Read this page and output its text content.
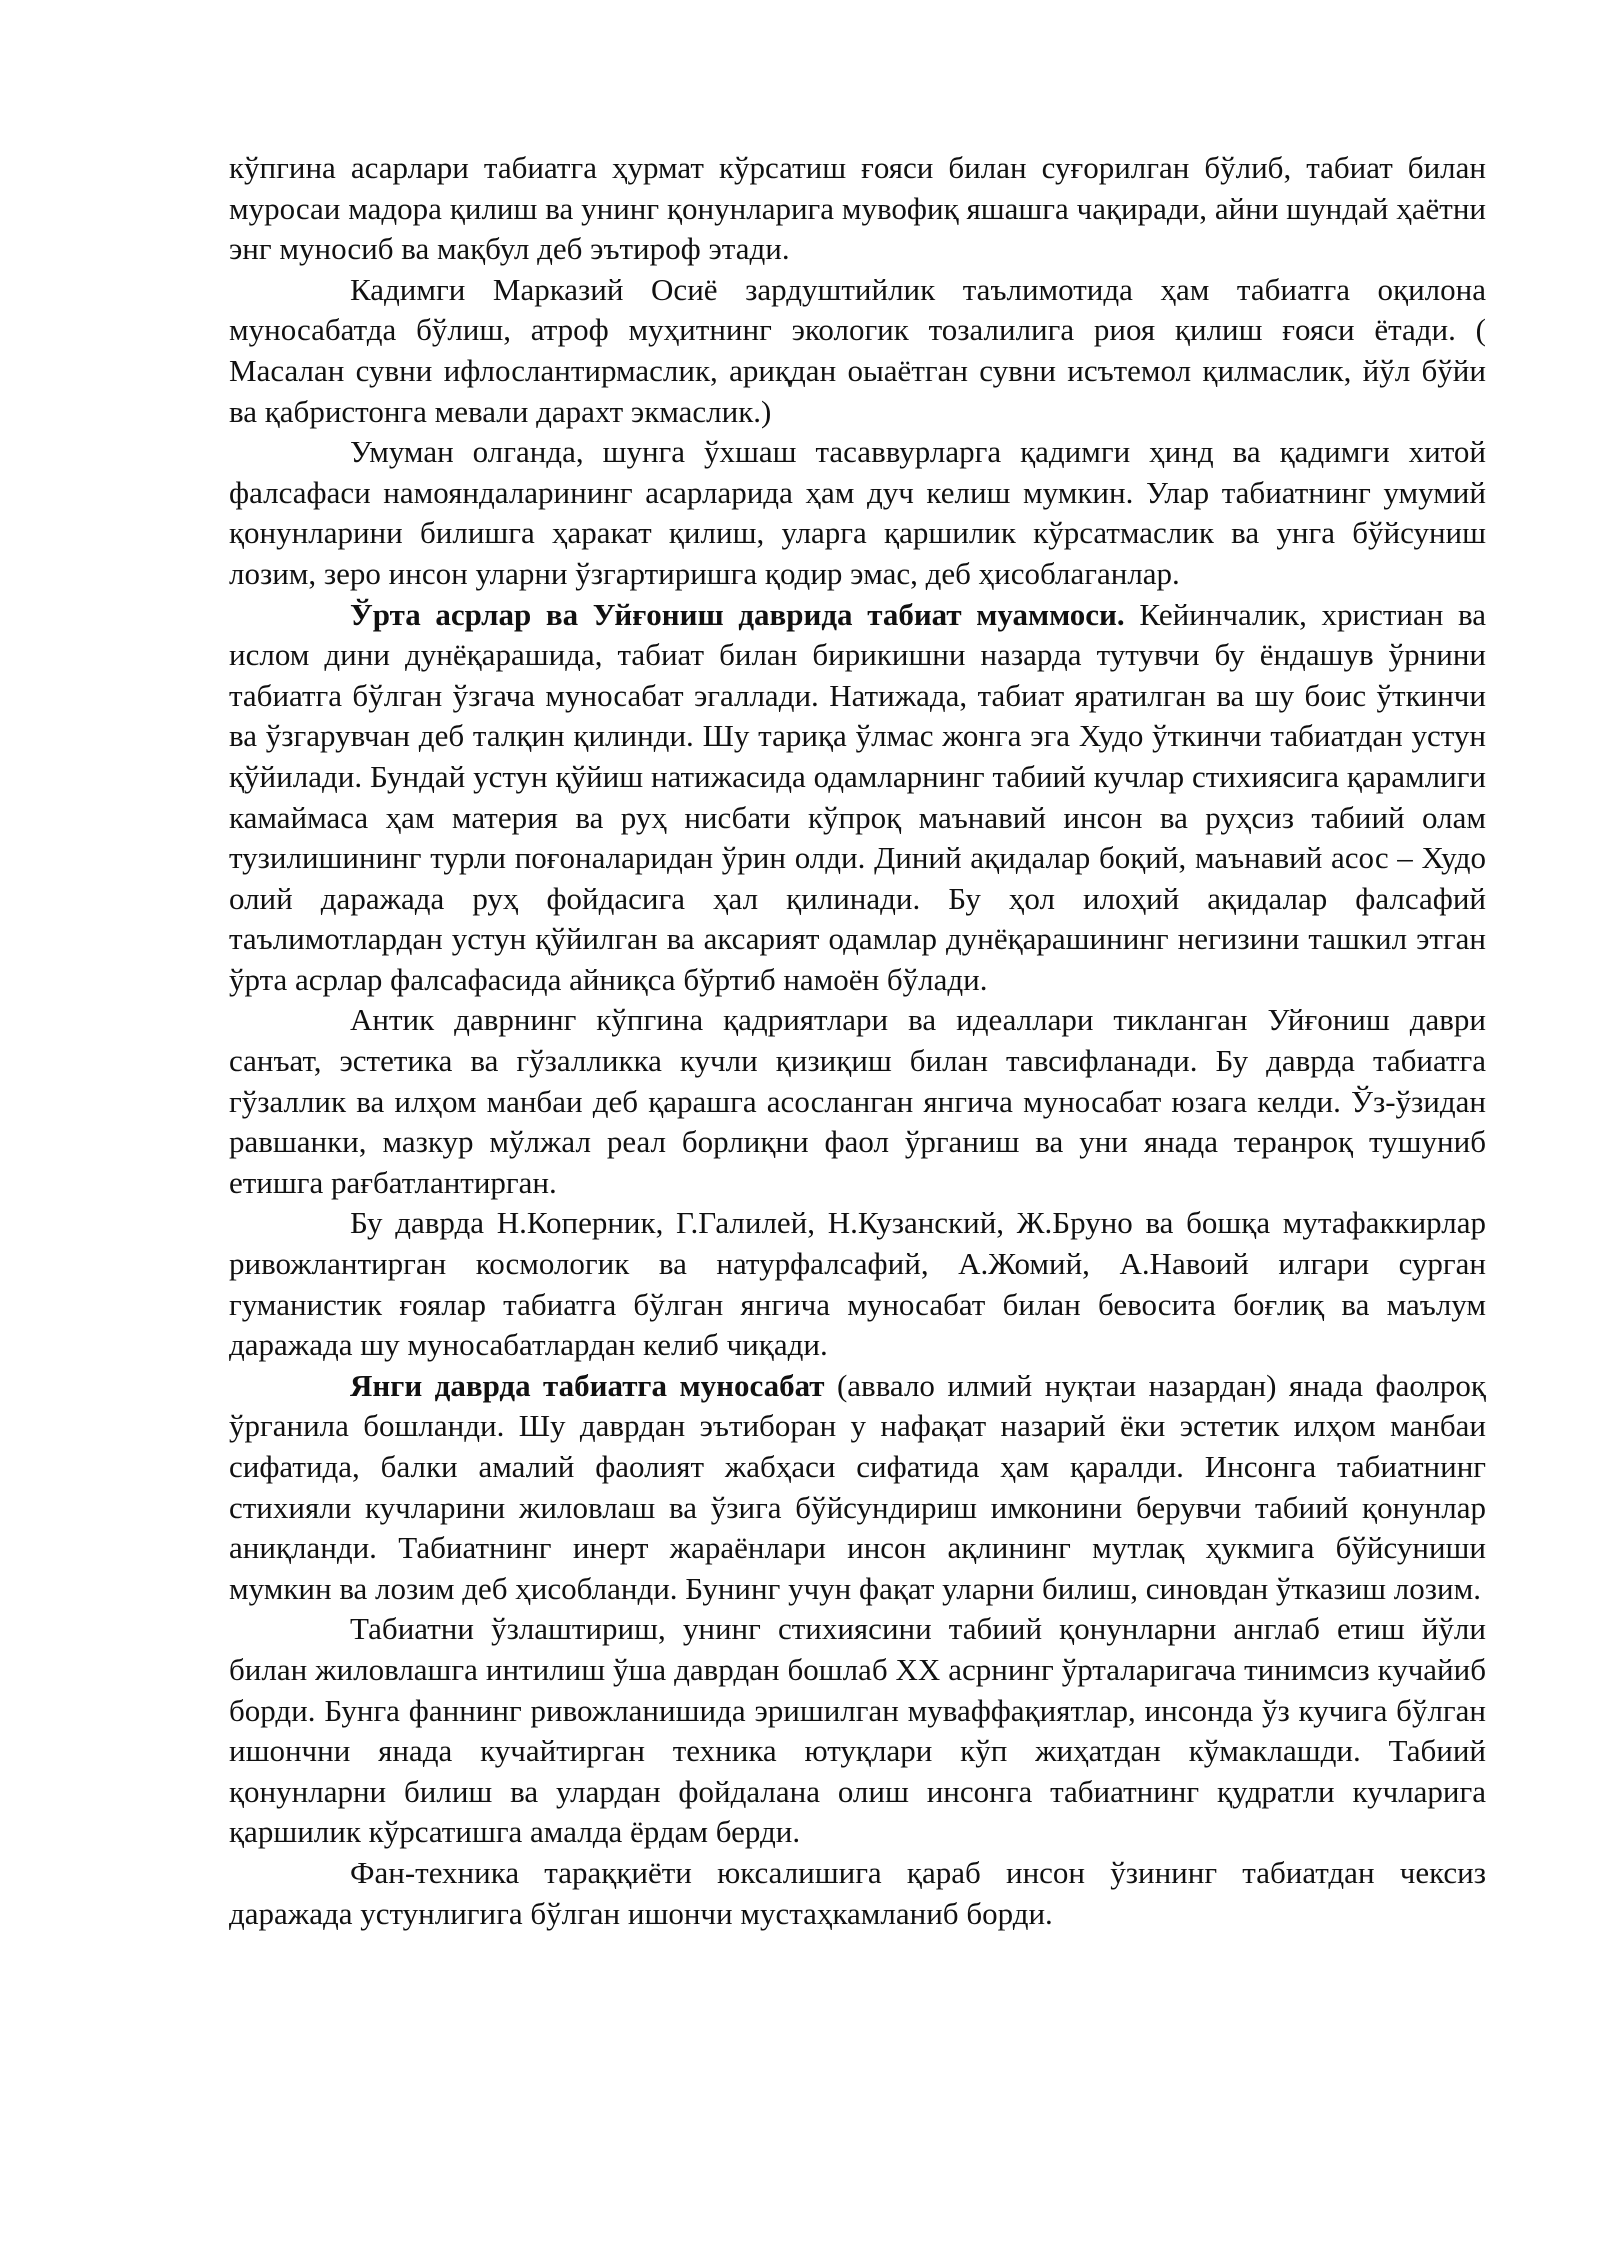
кўпгина асарлари табиатга ҳурмат кўрсатиш ғояси билан суғорилган бўлиб, табиат билан муросаи мадора қилиш ва унинг қонунларига мувофиқ яшашга чақиради, айни шундай ҳаётни энг муносиб ва мақбул деб эътироф этади.

Кадимги Марказий Осиё зардуштийлик таълимотида ҳам табиатга оқилона муносабатда бўлиш, атроф муҳитнинг экологик тозалилига риоя қилиш ғояси ётади. ( Масалан сувни ифлослантирмаслик, ариқдан оыаётган сувни исътемол қилмаслик, йўл бўйи ва қабристонга мевали дарахт экмаслик.)

Умуман олганда, шунга ўхшаш тасаввурларга қадимги ҳинд ва қадимги хитой фалсафаси намояндаларининг асарларида ҳам дуч келиш мумкин. Улар табиатнинг умумий қонунларини билишга ҳаракат қилиш, уларга қаршилик кўрсатмаслик ва унга бўйсуниш лозим, зеро инсон уларни ўзгартиришга қодир эмас, деб ҳисоблаганлар.

Ўрта асрлар ва Уйғониш даврида табиат муаммоси. Кейинчалик, христиан ва ислом дини дунёқарашида, табиат билан бирикишни назарда тутувчи бу ёндашув ўрнини табиатга бўлган ўзгача муносабат эгаллади. Натижада, табиат яратилган ва шу боис ўткинчи ва ўзгарувчан деб талқин қилинди. Шу тариқа ўлмас жонга эга Худо ўткинчи табиатдан устун қўйилади. Бундай устун қўйиш натижасида одамларнинг табиий кучлар стихиясига қарамлиги камаймаса ҳам материя ва руҳ нисбати кўпроқ маънавий инсон ва руҳсиз табиий олам тузилишининг турли поғоналаридан ўрин олди. Диний ақидалар боқий, маънавий асос – Худо олий даражада руҳ фойдасига ҳал қилинади. Бу ҳол илоҳий ақидалар фалсафий таълимотлардан устун қўйилган ва аксарият одамлар дунёқарашининг негизини ташкил этган ўрта асрлар фалсафасида айниқса бўртиб намоён бўлади.

Антик даврнинг кўпгина қадриятлари ва идеаллари тикланган Уйғониш даври санъат, эстетика ва гўзалликка кучли қизиқиш билан тавсифланади. Бу даврда табиатга гўзаллик ва илҳом манбаи деб қарашга асосланган янгича муносабат юзага келди. Ўз-ўзидан равшанки, мазкур мўлжал реал борлиқни фаол ўрганиш ва уни янада теранроқ тушуниб етишга рағбатлантирган.

Бу даврда Н.Коперник, Г.Галилей, Н.Кузанский, Ж.Бруно ва бошқа мутафаккирлар ривожлантирган космологик ва натурфалсафий, А.Жомий, А.Навоий илгари сурган гуманистик ғоялар табиатга бўлган янгича муносабат билан бевосита боғлиқ ва маълум даражада шу муносабатлардан келиб чиқади.

Янги даврда табиатга муносабат (аввало илмий нуқтаи назардан) янада фаолроқ ўрганила бошланди. Шу даврдан эътиборан у нафақат назарий ёки эстетик илҳом манбаи сифатида, балки амалий фаолият жабҳаси сифатида ҳам қаралди. Инсонга табиатнинг стихияли кучларини жиловлаш ва ўзига бўйсундириш имконини берувчи табиий қонунлар аниқланди. Табиатнинг инерт жараёнлари инсон ақлининг мутлақ ҳукмига бўйсуниши мумкин ва лозим деб ҳисобланди. Бунинг учун фақат уларни билиш, синовдан ўтказиш лозим.

Табиатни ўзлаштириш, унинг стихиясини табиий қонунларни англаб етиш йўли билан жиловлашга интилиш ўша даврдан бошлаб XX асрнинг ўрталаригача тинимсиз кучайиб борди. Бунга фаннинг ривожланишида эришилган муваффақиятлар, инсонда ўз кучига бўлган ишончни янада кучайтирган техника ютуқлари кўп жиҳатдан кўмаклашди. Табиий қонунларни билиш ва улардан фойдалана олиш инсонга табиатнинг қудратли кучларига қаршилик кўрсатишга амалда ёрдам берди.

Фан-техника тараққиёти юксалишига қараб инсон ўзининг табиатдан чексиз даражада устунлигига бўлган ишончи мустаҳкамланиб борди.
